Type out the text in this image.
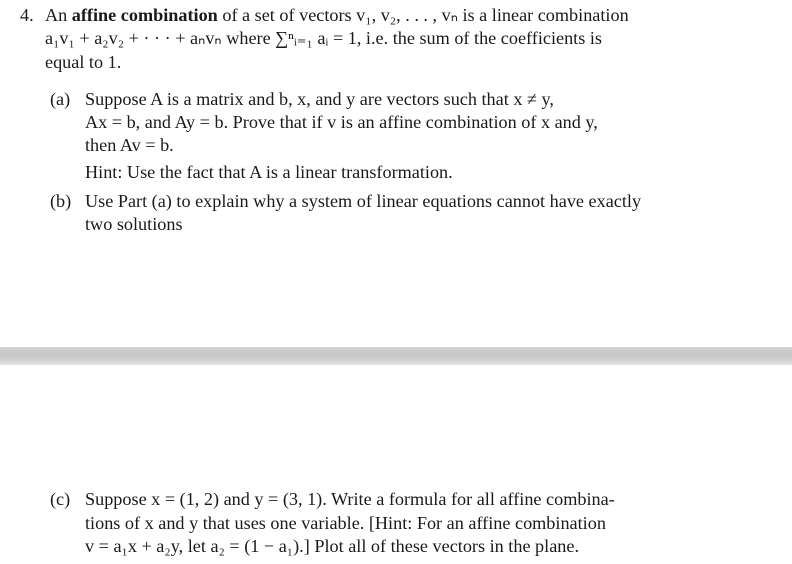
4. An affine combination of a set of vectors v₁, v₂, . . . , vₙ is a linear combination
a₁v₁ + a₂v₂ + · · · + aₙvₙ where ∑ⁿᵢ₌₁ aᵢ = 1, i.e. the sum of the coefficients is
equal to 1.
(a) Suppose A is a matrix and b, x, and y are vectors such that x ≠ y,
Ax = b, and Ay = b. Prove that if v is an affine combination of x and y,
then Av = b.
Hint: Use the fact that A is a linear transformation.
(b) Use Part (a) to explain why a system of linear equations cannot have exactly
two solutions
(c) Suppose x = (1, 2) and y = (3, 1). Write a formula for all affine combina-
tions of x and y that uses one variable. [Hint: For an affine combination
v = a₁x + a₂y, let a₂ = (1 − a₁).] Plot all of these vectors in the plane.
